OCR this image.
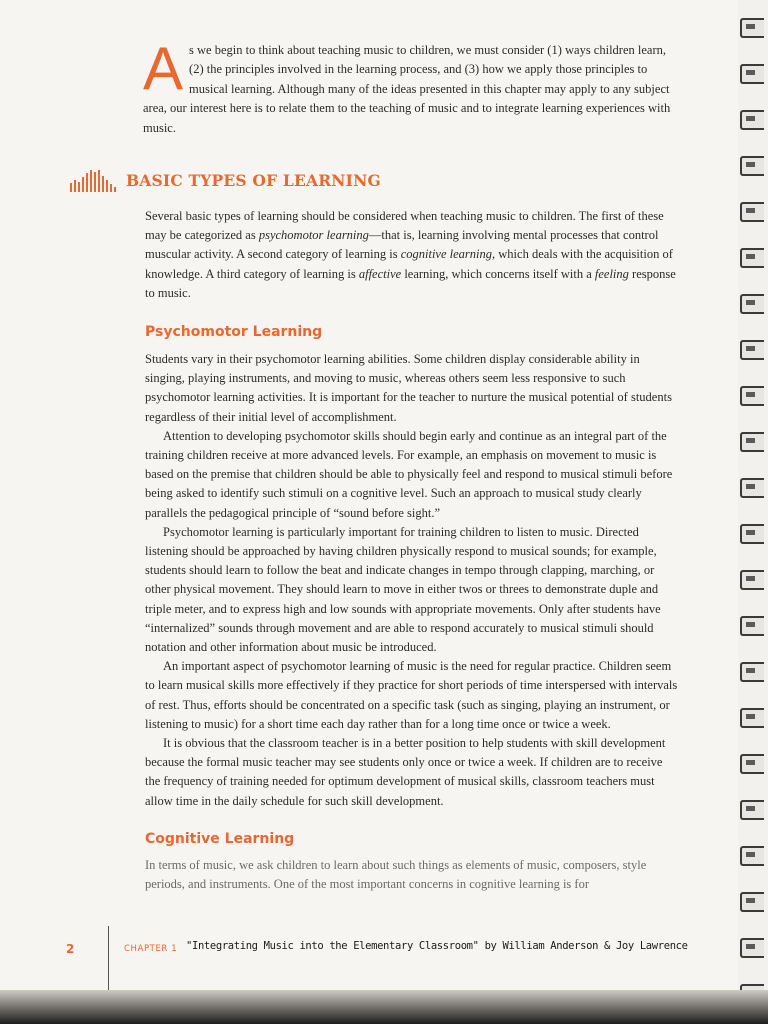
As we begin to think about teaching music to children, we must consider (1) ways children learn, (2) the principles involved in the learning process, and (3) how we apply those principles to musical learning. Although many of the ideas presented in this chapter may apply to any subject area, our interest here is to relate them to the teaching of music and to integrate learning experiences with music.
BASIC TYPES OF LEARNING

Several basic types of learning should be considered when teaching music to children. The first of these may be categorized as psychomotor learning—that is, learning involving mental processes that control muscular activity. A second category of learning is cognitive learning, which deals with the acquisition of knowledge. A third category of learning is affective learning, which concerns itself with a feeling response to music.

Psychomotor Learning

Students vary in their psychomotor learning abilities. Some children display considerable ability in singing, playing instruments, and moving to music, whereas others seem less responsive to such psychomotor learning activities. It is important for the teacher to nurture the musical potential of students regardless of their initial level of accomplishment.

Attention to developing psychomotor skills should begin early and continue as an integral part of the training children receive at more advanced levels. For example, an emphasis on movement to music is based on the premise that children should be able to physically feel and respond to musical stimuli before being asked to identify such stimuli on a cognitive level. Such an approach to musical study clearly parallels the pedagogical principle of “sound before sight.”

Psychomotor learning is particularly important for training children to listen to music. Directed listening should be approached by having children physically respond to musical sounds; for example, students should learn to follow the beat and indicate changes in tempo through clapping, marching, or other physical movement. They should learn to move in either twos or threes to demonstrate duple and triple meter, and to express high and low sounds with appropriate movements. Only after students have “internalized” sounds through movement and are able to respond accurately to musical stimuli should notation and other information about music be introduced.

An important aspect of psychomotor learning of music is the need for regular practice. Children seem to learn musical skills more effectively if they practice for short periods of time interspersed with intervals of rest. Thus, efforts should be concentrated on a specific task (such as singing, playing an instrument, or listening to music) for a short time each day rather than for a long time once or twice a week.

It is obvious that the classroom teacher is in a better position to help students with skill development because the formal music teacher may see students only once or twice a week. If children are to receive the frequency of training needed for optimum development of musical skills, classroom teachers must allow time in the daily schedule for such skill development.

Cognitive Learning

In terms of music, we ask children to learn about such things as elements of music, composers, style periods, and instruments. One of the most important concerns in cognitive learning is for

2	CHAPTER 1 "Integrating Music into the Elementary Classroom" by William Anderson & Joy Lawrence
